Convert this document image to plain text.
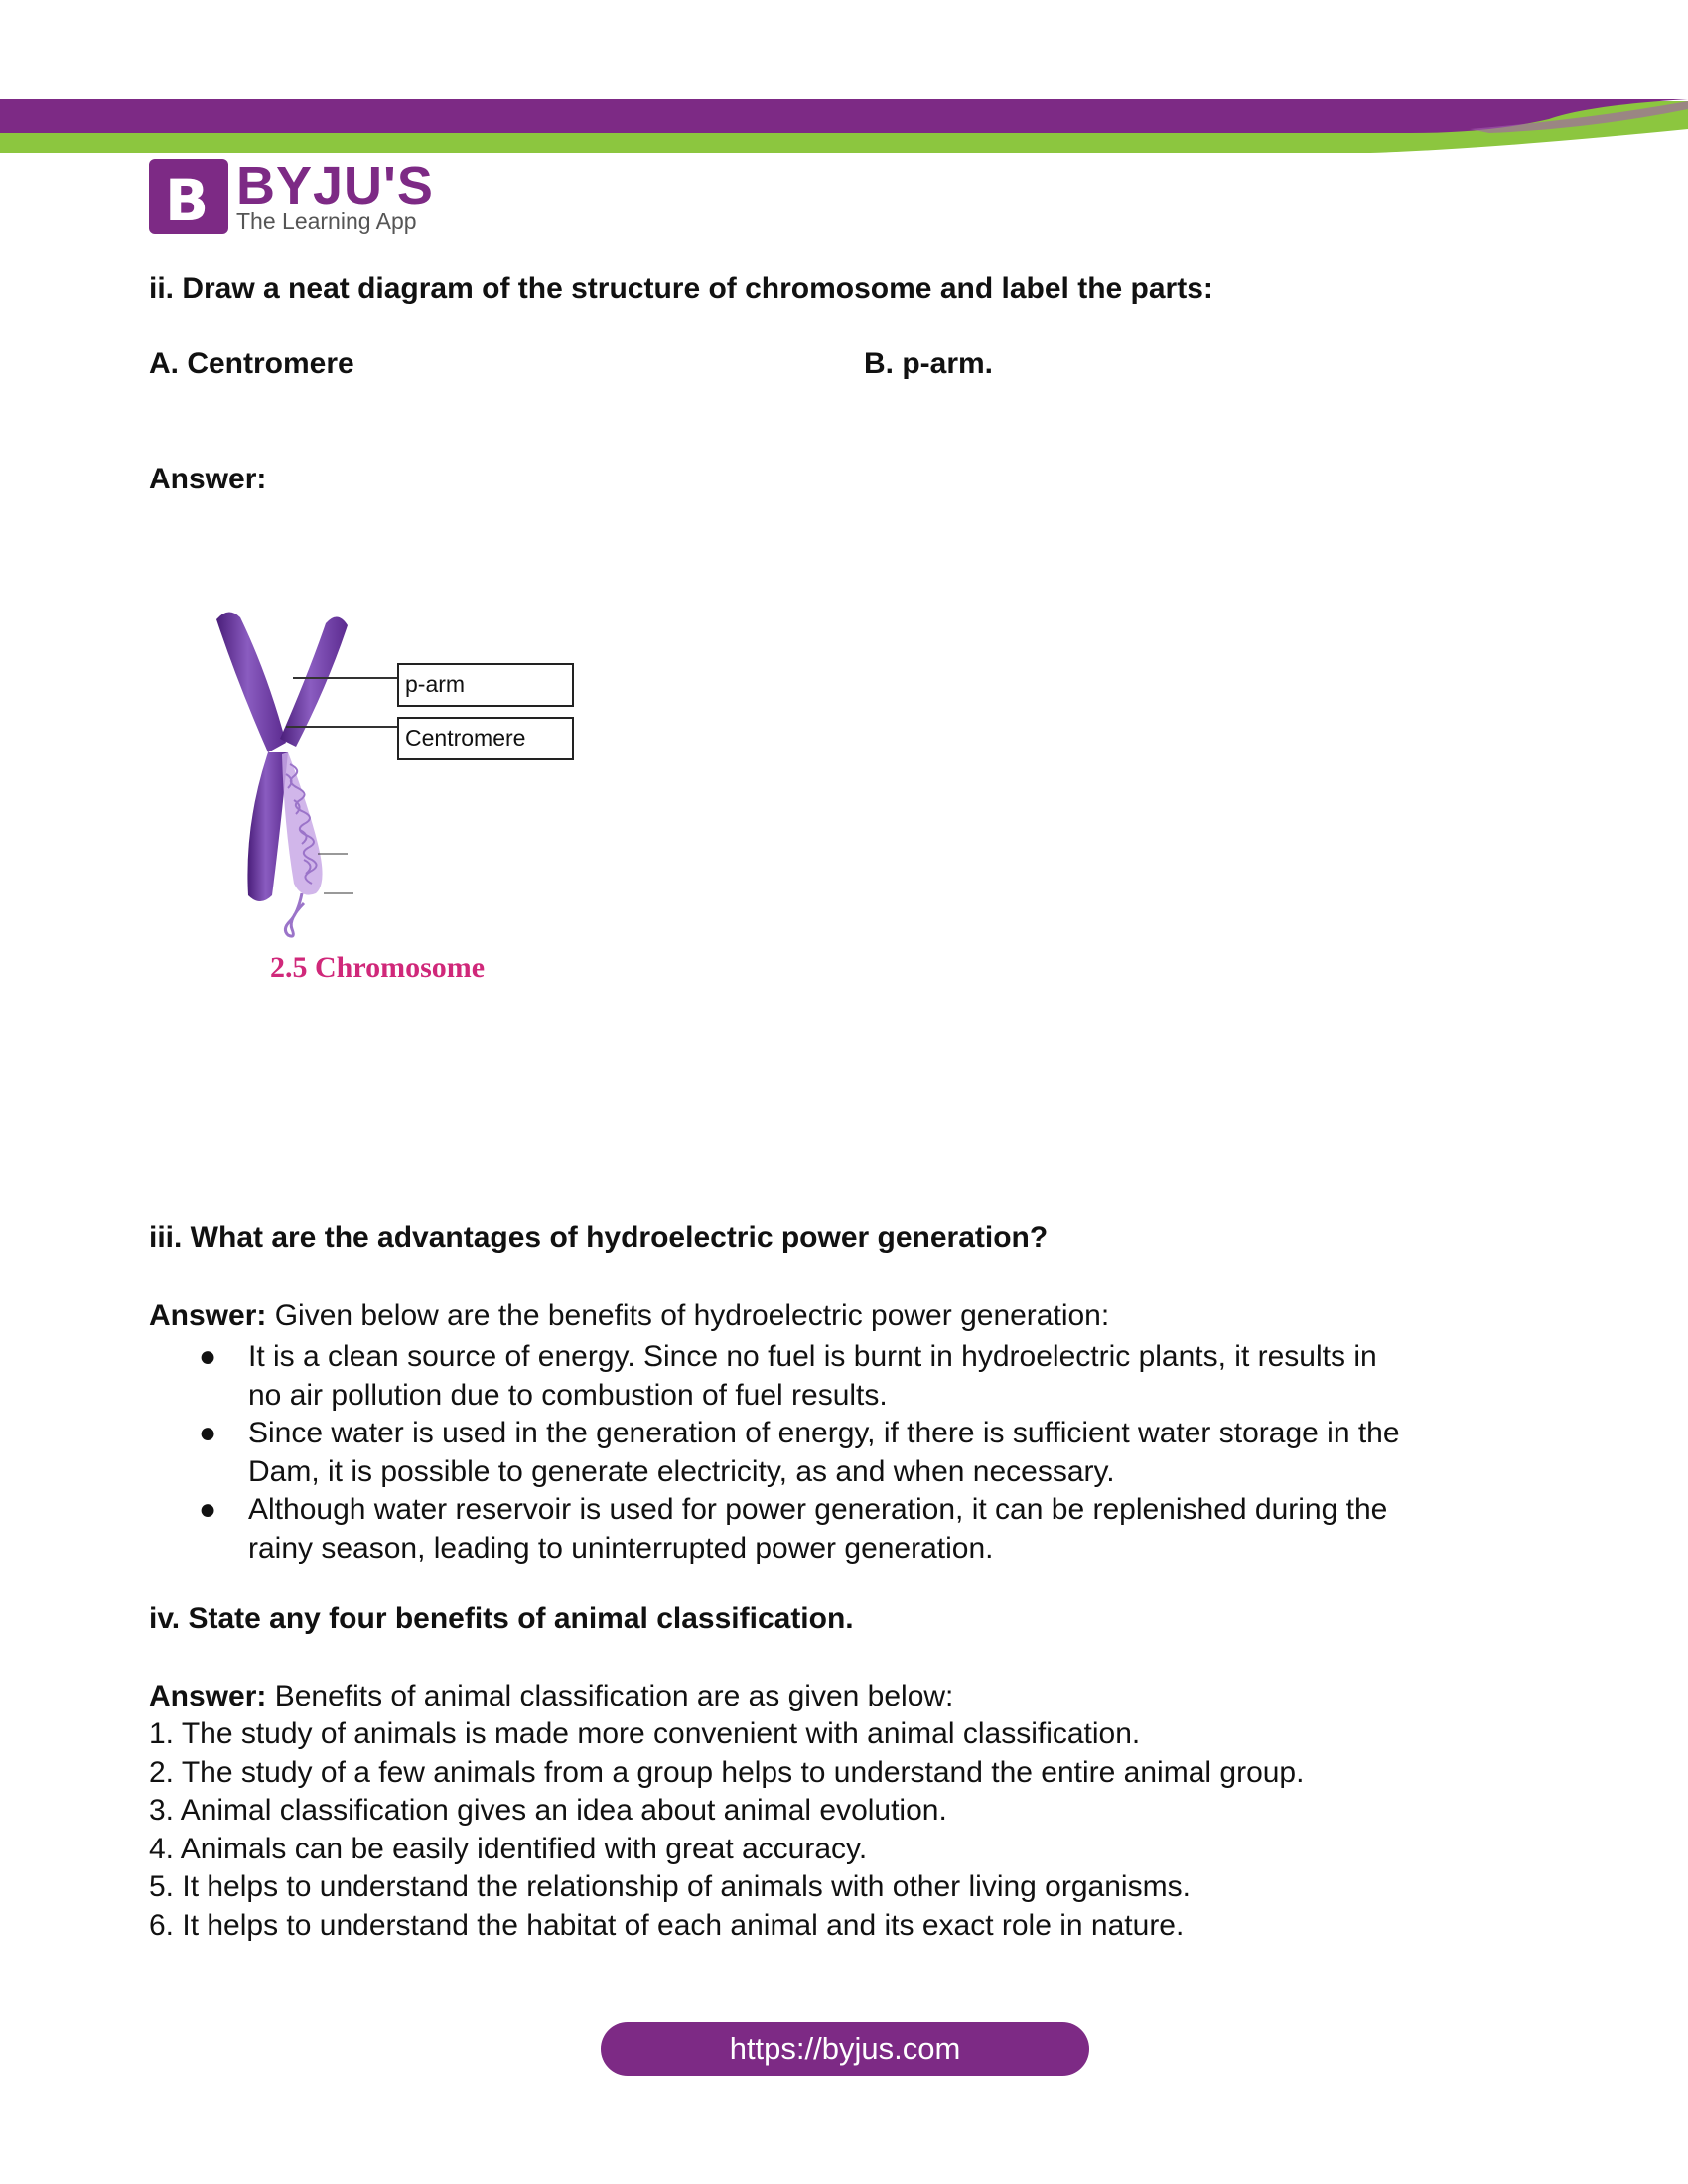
B BYJU'S
The Learning App
ii. Draw a neat diagram of the structure of chromosome and label the parts:
A. Centromere	B. p-arm.
Answer:
p-arm
Centromere
2.5 Chromosome
iii. What are the advantages of hydroelectric power generation?
Answer: Given below are the benefits of hydroelectric power generation:
● It is a clean source of energy. Since no fuel is burnt in hydroelectric plants, it results in
no air pollution due to combustion of fuel results.
● Since water is used in the generation of energy, if there is sufficient water storage in the
Dam, it is possible to generate electricity, as and when necessary.
● Although water reservoir is used for power generation, it can be replenished during the
rainy season, leading to uninterrupted power generation.
iv. State any four benefits of animal classification.
Answer: Benefits of animal classification are as given below:
1. The study of animals is made more convenient with animal classification.
2. The study of a few animals from a group helps to understand the entire animal group.
3. Animal classification gives an idea about animal evolution.
4. Animals can be easily identified with great accuracy.
5. It helps to understand the relationship of animals with other living organisms.
6. It helps to understand the habitat of each animal and its exact role in nature.
https://byjus.com
